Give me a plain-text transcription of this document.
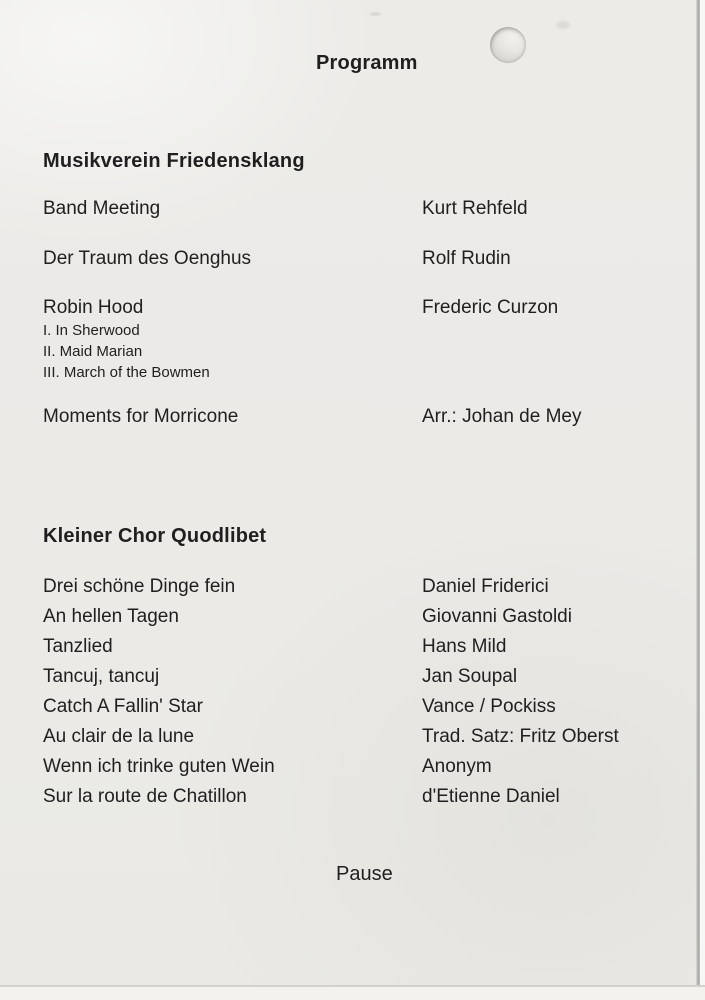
Programm
Musikverein Friedensklang
Band Meeting	Kurt Rehfeld
Der Traum des Oenghus	Rolf Rudin
Robin Hood	Frederic Curzon
I. In Sherwood
II. Maid Marian
III. March of the Bowmen
Moments for Morricone	Arr.: Johan de Mey
Kleiner Chor Quodlibet
Drei schöne Dinge fein	Daniel Friderici
An hellen Tagen	Giovanni Gastoldi
Tanzlied	Hans Mild
Tancuj, tancuj	Jan Soupal
Catch A Fallin' Star	Vance / Pockiss
Au clair de la lune	Trad. Satz: Fritz Oberst
Wenn ich trinke guten Wein	Anonym
Sur la route de Chatillon	d'Etienne Daniel
Pause
